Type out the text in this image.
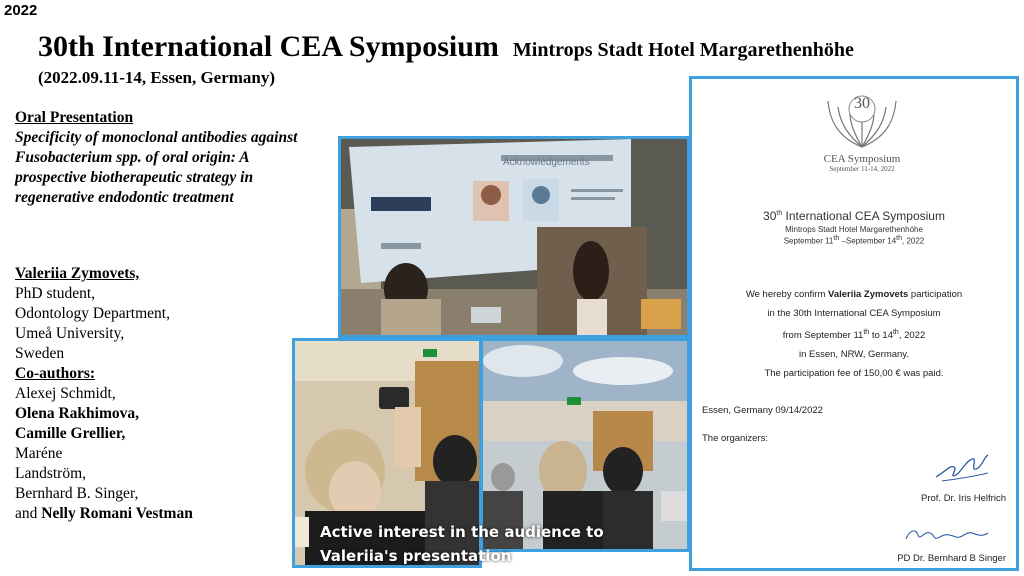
2022
30th International CEA Symposium Mintrops Stadt Hotel Margarethenhöhe
(2022.09.11-14, Essen, Germany)
Oral Presentation
Specificity of monoclonal antibodies against Fusobacterium spp. of oral origin: A prospective biotherapeutic strategy in regenerative endodontic treatment
Valeriia Zymovets,
PhD student,
Odontology Department,
Umeå University,
Sweden
Co-authors:
Alexej Schmidt,
Olena Rakhimova,
Camille Grellier,
Maréne
Landström,
Bernhard B. Singer,
and Nelly Romani Vestman
Acknowledgements
Active interest in the audience to
Valeriia's presentation
30
CEA Symposium
September 11-14, 2022
30th International CEA Symposium
Mintrops Stadt Hotel Margarethenhöhe
September 11th –September 14th, 2022
We hereby confirm Valeriia Zymovets participation
in the 30th International CEA Symposium
from September 11th to 14th, 2022
in Essen, NRW, Germany.
The participation fee of 150,00 € was paid.
Essen, Germany 09/14/2022
The organizers:
Prof. Dr. Iris Helfrich
PD Dr. Bernhard B Singer
